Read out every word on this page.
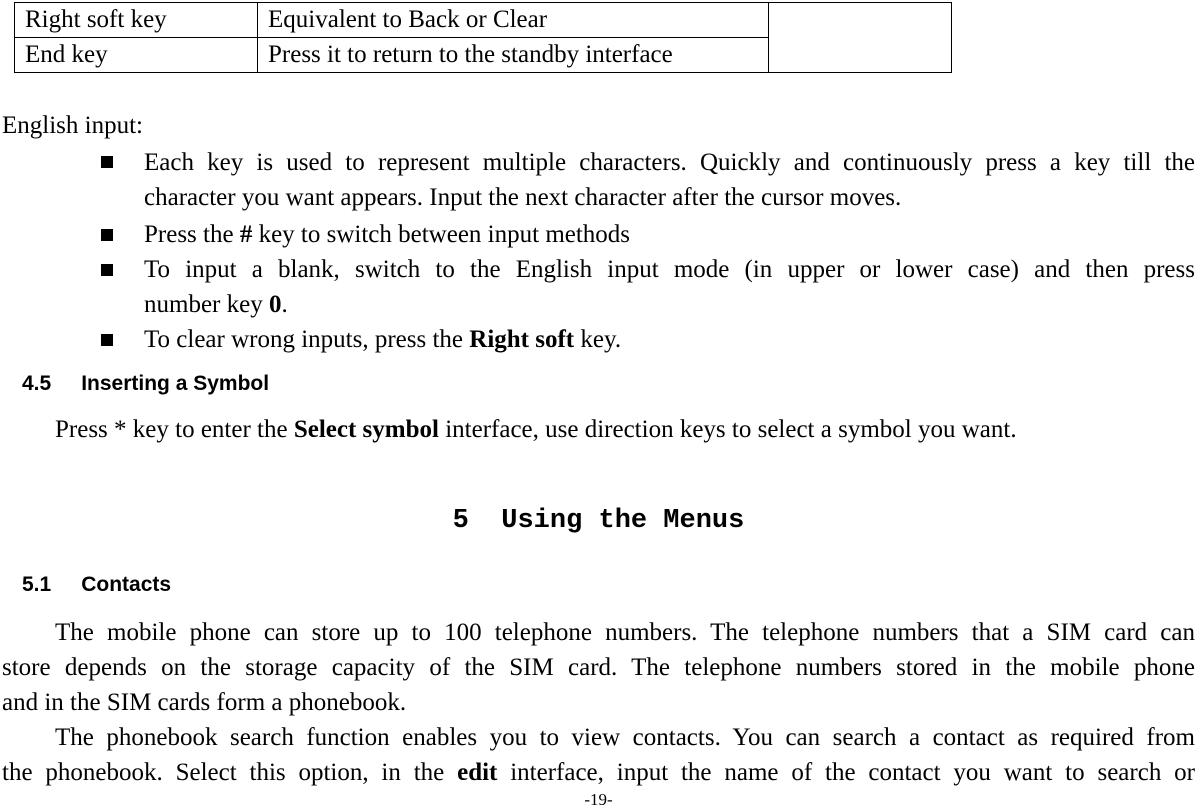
Right soft key	Equivalent to Back or Clear	
End key	Press it to return to the standby interface	
English input:
Each key is used to represent multiple characters. Quickly and continuously press a key till the
character you want appears. Input the next character after the cursor moves.
Press the # key to switch between input methods
To input a blank, switch to the English input mode (in upper or lower case) and then press
number key 0.
To clear wrong inputs, press the Right soft key.
4.5 Inserting a Symbol
Press * key to enter the Select symbol interface, use direction keys to select a symbol you want.
5  Using the Menus
5.1 Contacts
The mobile phone can store up to 100 telephone numbers. The telephone numbers that a SIM card can
store depends on the storage capacity of the SIM card. The telephone numbers stored in the mobile phone
and in the SIM cards form a phonebook.
The phonebook search function enables you to view contacts. You can search a contact as required from
the phonebook. Select this option, in the edit interface, input the name of the contact you want to search or
-19-
